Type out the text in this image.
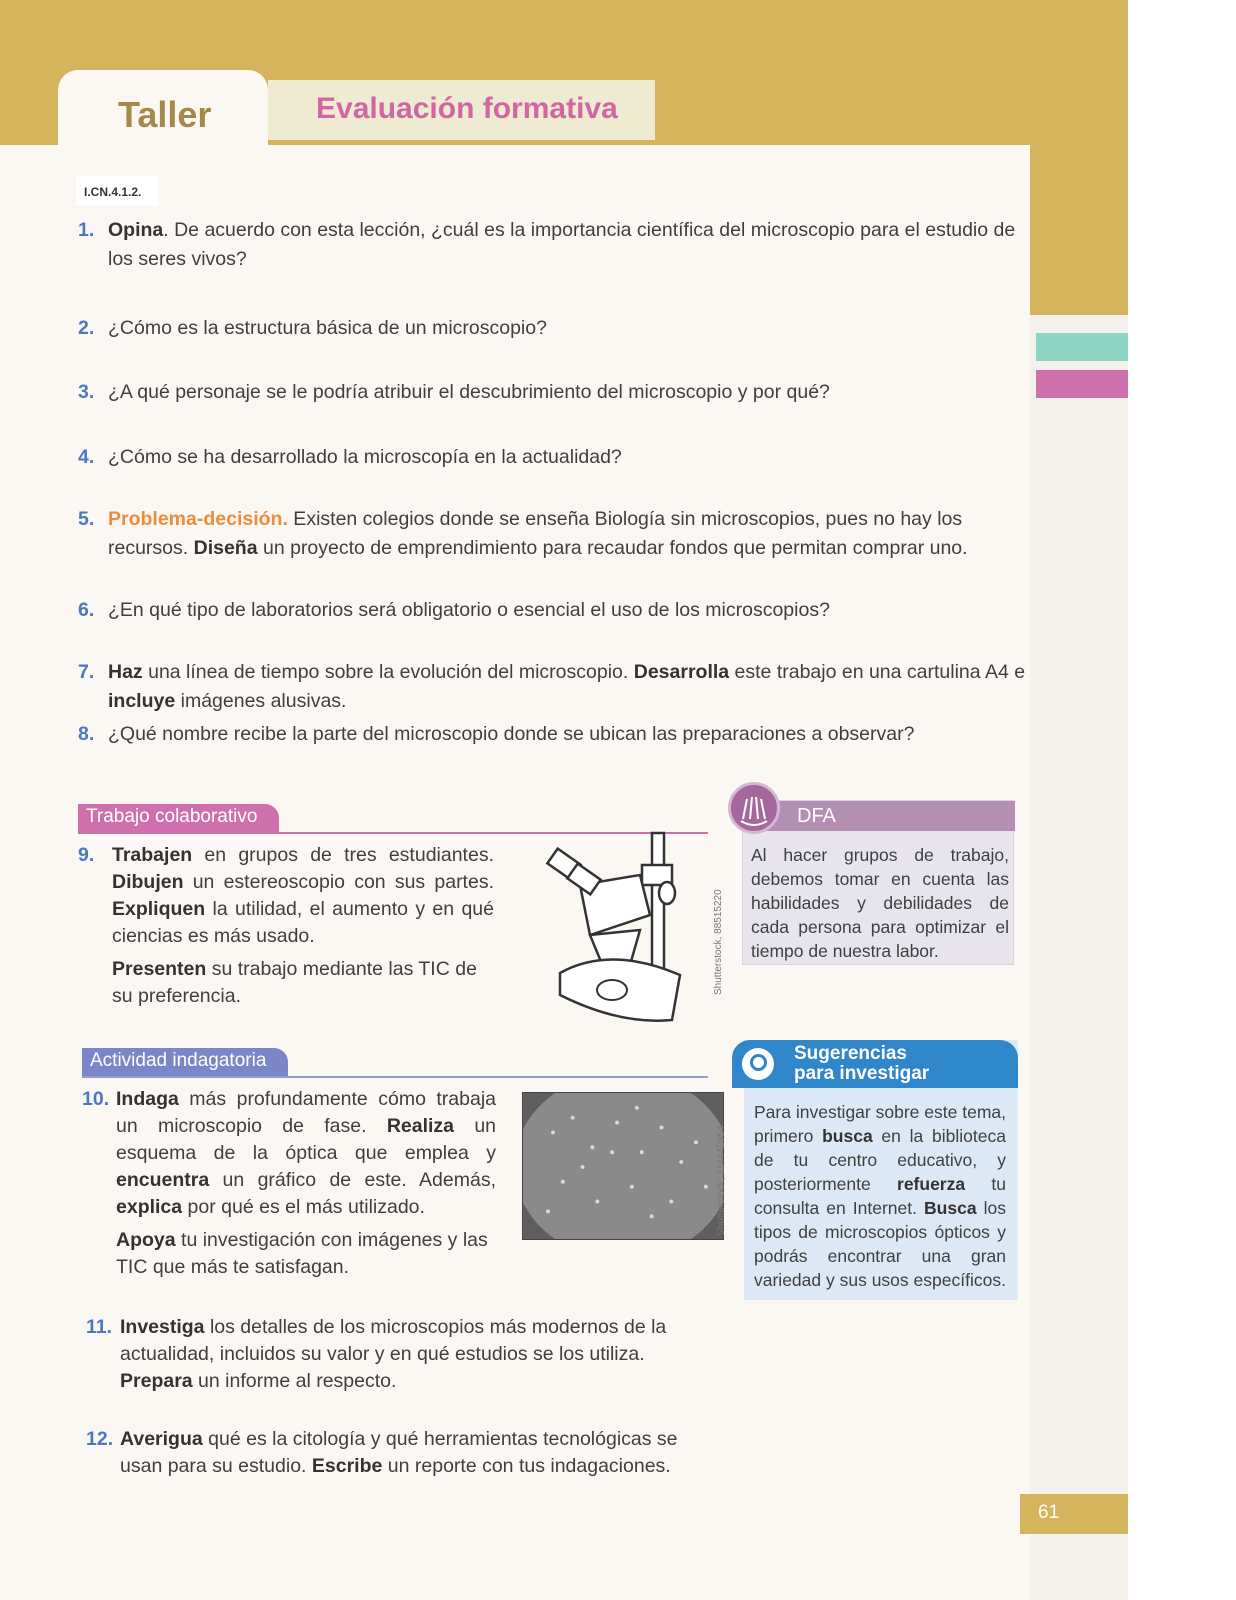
Taller	Evaluación formativa
I.CN.4.1.2.
1. Opina. De acuerdo con esta lección, ¿cuál es la importancia científica del microscopio para el estudio de los seres vivos?
2. ¿Cómo es la estructura básica de un microscopio?
3. ¿A qué personaje se le podría atribuir el descubrimiento del microscopio y por qué?
4. ¿Cómo se ha desarrollado la microscopía en la actualidad?
5. Problema-decisión. Existen colegios donde se enseña Biología sin microscopios, pues no hay los recursos. Diseña un proyecto de emprendimiento para recaudar fondos que permitan comprar uno.
6. ¿En qué tipo de laboratorios será obligatorio o esencial el uso de los microscopios?
7. Haz una línea de tiempo sobre la evolución del microscopio. Desarrolla este trabajo en una cartulina A4 e incluye imágenes alusivas.
8. ¿Qué nombre recibe la parte del microscopio donde se ubican las preparaciones a observar?
Trabajo colaborativo
9. Trabajen en grupos de tres estudiantes. Dibujen un estereoscopio con sus partes. Expliquen la utilidad, el aumento y en qué ciencias es más usado.
Presenten su trabajo mediante las TIC de su preferencia.
Shutterstock, 88515220
Actividad indagatoria
10. Indaga más profundamente cómo trabaja un microscopio de fase. Realiza un esquema de la óptica que emplea y encuentra un gráfico de este. Además, explica por qué es el más utilizado.
Apoya tu investigación con imágenes y las TIC que más te satisfagan.
Shutterstock, 114442954
11. Investiga los detalles de los microscopios más modernos de la actualidad, incluidos su valor y en qué estudios se los utiliza. Prepara un informe al respecto.
12. Averigua qué es la citología y qué herramientas tecnológicas se usan para su estudio. Escribe un reporte con tus indagaciones.
DFA
Al hacer grupos de trabajo, debemos tomar en cuenta las habilidades y debilidades de cada persona para optimizar el tiempo de nuestra labor.
Sugerencias
para investigar
Para investigar sobre este tema, primero busca en la biblioteca de tu centro educativo, y posteriormente refuerza tu consulta en Internet. Busca los tipos de microscopios ópticos y podrás encontrar una gran variedad y sus usos específicos.
61
